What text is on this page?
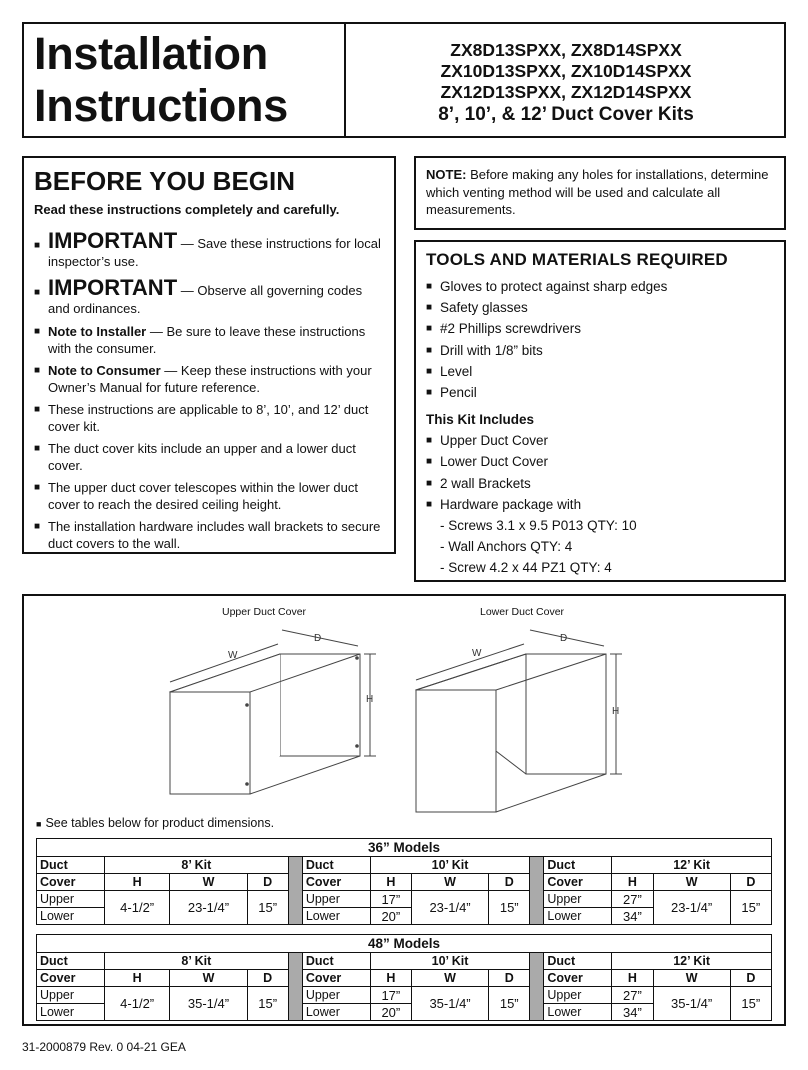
Installation
Instructions
ZX8D13SPXX, ZX8D14SPXX
ZX10D13SPXX, ZX10D14SPXX
ZX12D13SPXX, ZX12D14SPXX
8’, 10’, & 12’ Duct Cover Kits
BEFORE YOU BEGIN
Read these instructions completely and carefully.
■ IMPORTANT — Save these instructions for local inspector’s use.
■ IMPORTANT — Observe all governing codes and ordinances.
■ Note to Installer — Be sure to leave these instructions with the consumer.
■ Note to Consumer — Keep these instructions with your Owner’s Manual for future reference.
■ These instructions are applicable to 8’, 10’, and 12’ duct cover kit.
■ The duct cover kits include an upper and a lower duct cover.
■ The upper duct cover telescopes within the lower duct cover to reach the desired ceiling height.
■ The installation hardware includes wall brackets to secure duct covers to the wall.
NOTE: Before making any holes for installations, determine which venting method will be used and calculate all measurements.
TOOLS AND MATERIALS REQUIRED
■ Gloves to protect against sharp edges
■ Safety glasses
■ #2 Phillips screwdrivers
■ Drill with 1/8” bits
■ Level
■ Pencil
This Kit Includes
■ Upper Duct Cover
■ Lower Duct Cover
■ 2 wall Brackets
■ Hardware package with
- Screws 3.1 x 9.5 P013 QTY: 10
- Wall Anchors QTY: 4
- Screw 4.2 x 44 PZ1 QTY: 4
Upper Duct Cover	Lower Duct Cover
W
D
H
W
D
H
■ See tables below for product dimensions.
36” Models													
Duct	8’ Kit				Duct	10’ Kit				Duct	12’ Kit		
Cover	H	W	D		Cover	H	W	D		Cover	H	W	D
Upper	4-1/2”	23-1/4”	15”		Upper	17”	23-1/4”	15”		Upper	27”	23-1/4”	15”
Lower					Lower	20”				Lower	34”		
48” Models													
Duct	8’ Kit				Duct	10’ Kit				Duct	12’ Kit		
Cover	H	W	D		Cover	H	W	D		Cover	H	W	D
Upper	4-1/2”	35-1/4”	15”		Upper	17”	35-1/4”	15”		Upper	27”	35-1/4”	15”
Lower					Lower	20”				Lower	34”		
31-2000879 Rev. 0 04-21 GEA
